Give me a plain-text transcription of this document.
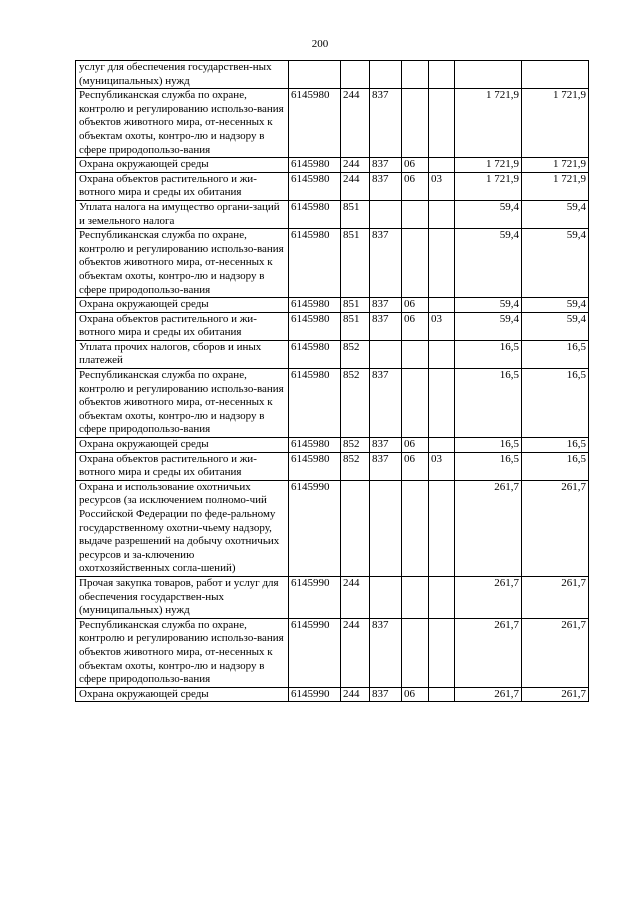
200
услуг для обеспечения государствен-ных (муниципальных) нужд							
Республиканская служба по охране, контролю и регулированию использо-вания объектов животного мира, от-несенных к объектам охоты, контро-лю и надзору в сфере природопользо-вания	6145980	244	837			1 721,9	1 721,9
Охрана окружающей среды	6145980	244	837	06		1 721,9	1 721,9
Охрана объектов растительного и жи-вотного мира и среды их обитания	6145980	244	837	06	03	1 721,9	1 721,9
Уплата налога на имущество органи-заций и земельного налога	6145980	851				59,4	59,4
Республиканская служба по охране, контролю и регулированию использо-вания объектов животного мира, от-несенных к объектам охоты, контро-лю и надзору в сфере природопользо-вания	6145980	851	837			59,4	59,4
Охрана окружающей среды	6145980	851	837	06		59,4	59,4
Охрана объектов растительного и жи-вотного мира и среды их обитания	6145980	851	837	06	03	59,4	59,4
Уплата прочих налогов, сборов и иных платежей	6145980	852				16,5	16,5
Республиканская служба по охране, контролю и регулированию использо-вания объектов животного мира, от-несенных к объектам охоты, контро-лю и надзору в сфере природопользо-вания	6145980	852	837			16,5	16,5
Охрана окружающей среды	6145980	852	837	06		16,5	16,5
Охрана объектов растительного и жи-вотного мира и среды их обитания	6145980	852	837	06	03	16,5	16,5
Охрана и использование охотничьих ресурсов (за исключением полномо-чий Российской Федерации по феде-ральному государственному охотни-чьему надзору, выдаче разрешений на добычу охотничьих ресурсов и за-ключению охотхозяйственных согла-шений)	6145990					261,7	261,7
Прочая закупка товаров, работ и услуг для обеспечения государствен-ных (муниципальных) нужд	6145990	244				261,7	261,7
Республиканская служба по охране, контролю и регулированию использо-вания объектов животного мира, от-несенных к объектам охоты, контро-лю и надзору в сфере природопользо-вания	6145990	244	837			261,7	261,7
Охрана окружающей среды	6145990	244	837	06		261,7	261,7
